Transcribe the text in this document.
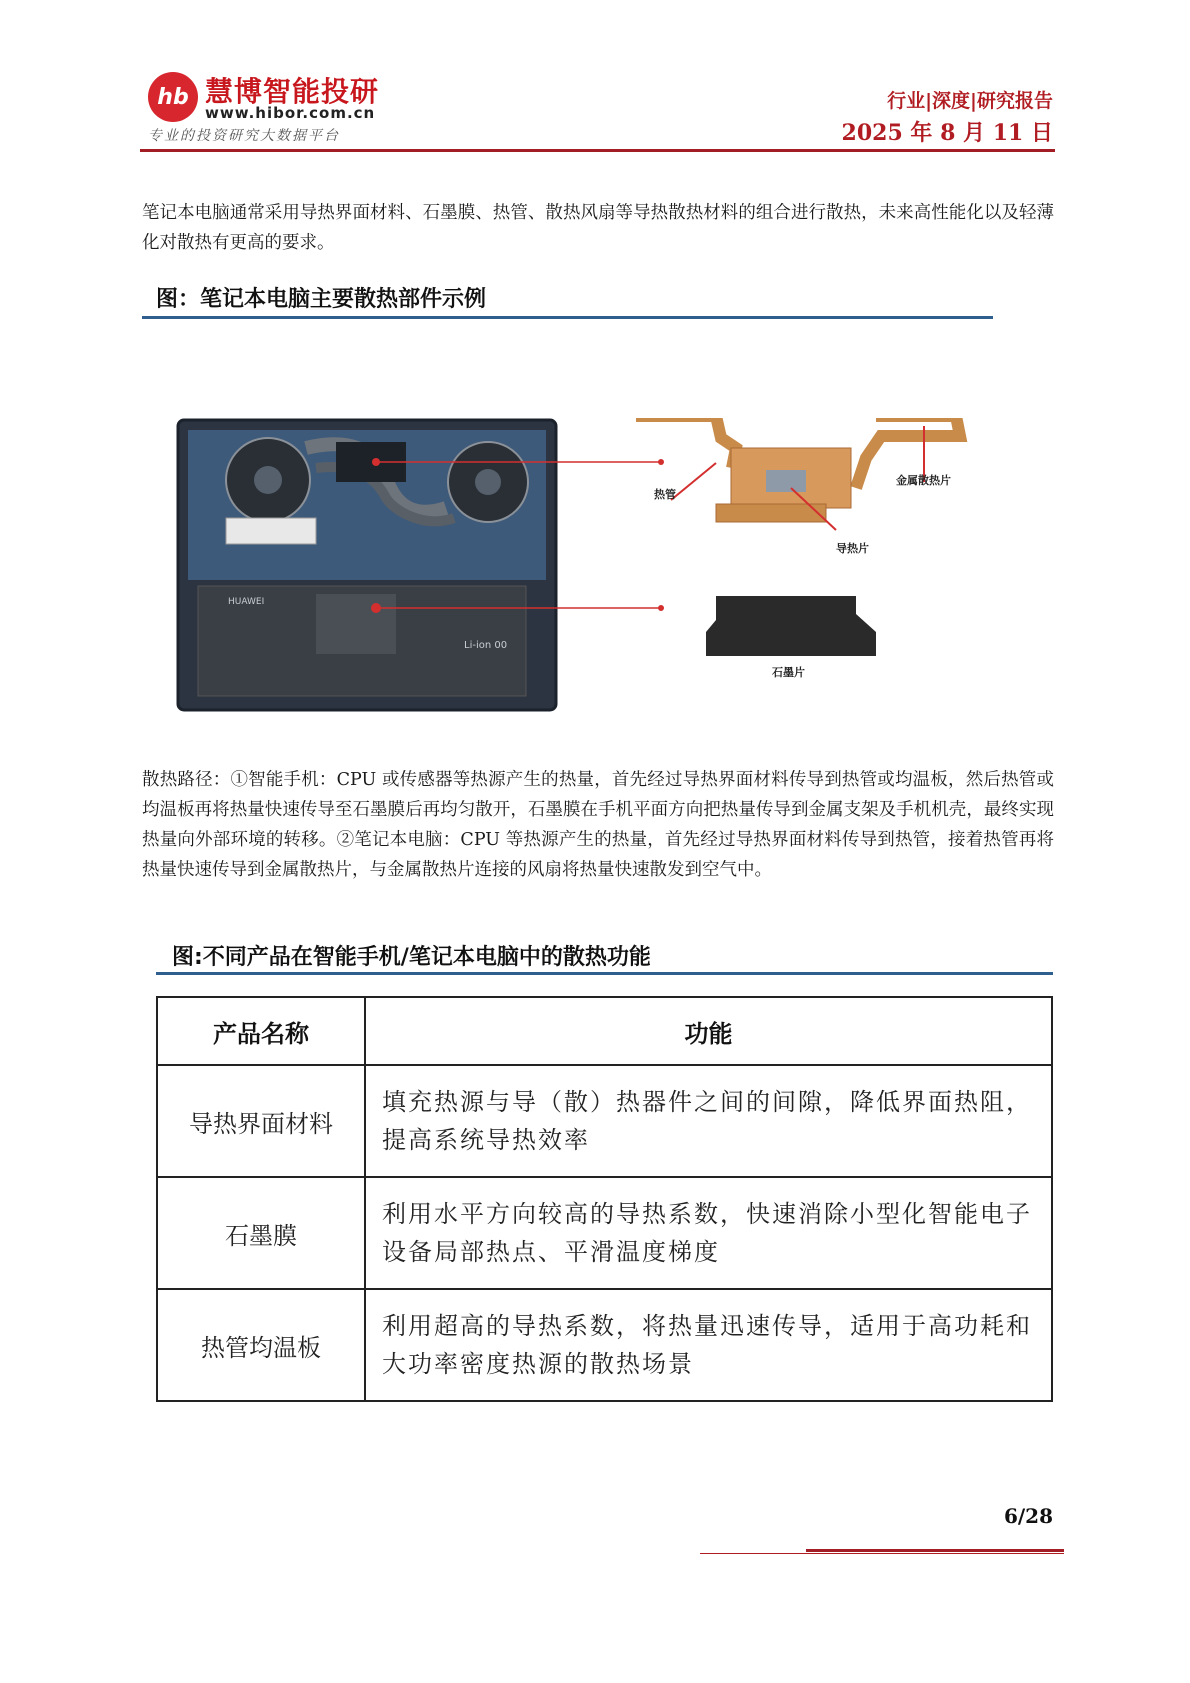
hb 慧博智能投研
www.hibor.com.cn
专业的投资研究大数据平台
行业|深度|研究报告
2025 年 8 月 11 日
笔记本电脑通常采用导热界面材料、石墨膜、热管、散热风扇等导热散热材料的组合进行散热，未来高性能化以及轻薄化对散热有更高的要求。
图：笔记本电脑主要散热部件示例
HUAWEI
Li-ion 00
热管
金属散热片
导热片
石墨片
散热路径：①智能手机：CPU 或传感器等热源产生的热量，首先经过导热界面材料传导到热管或均温板，然后热管或均温板再将热量快速传导至石墨膜后再均匀散开，石墨膜在手机平面方向把热量传导到金属支架及手机机壳，最终实现热量向外部环境的转移。②笔记本电脑：CPU 等热源产生的热量，首先经过导热界面材料传导到热管，接着热管再将热量快速传导到金属散热片，与金属散热片连接的风扇将热量快速散发到空气中。
图:不同产品在智能手机/笔记本电脑中的散热功能
产品名称	功能
导热界面材料	填充热源与导（散）热器件之间的间隙，降低界面热阻，提高系统导热效率
石墨膜	利用水平方向较高的导热系数，快速消除小型化智能电子设备局部热点、平滑温度梯度
热管均温板	利用超高的导热系数，将热量迅速传导，适用于高功耗和大功率密度热源的散热场景
6/28
